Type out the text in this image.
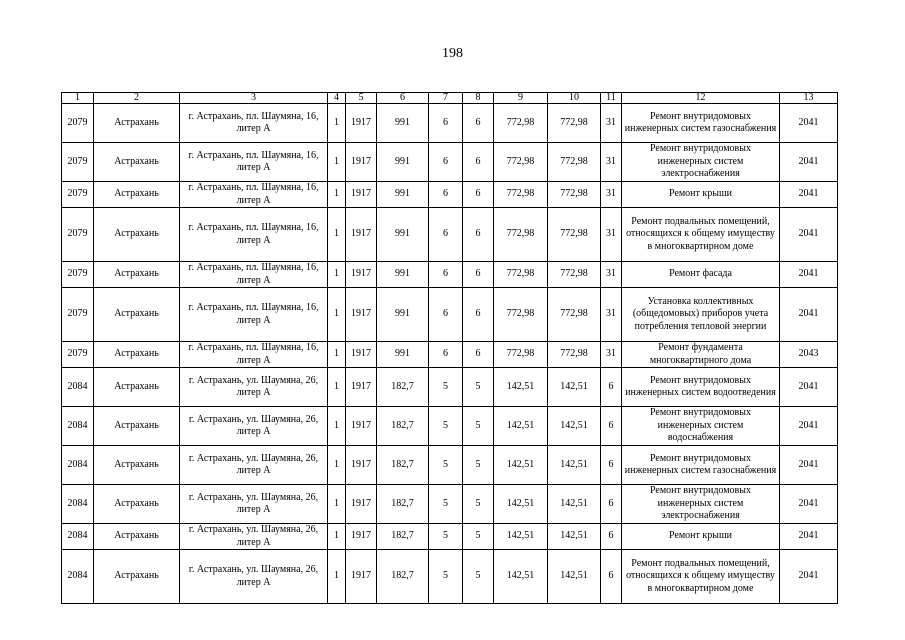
198
1	2	3	4	5	6	7	8	9	10	11	12	13
2079	Астрахань	г. Астрахань, пл. Шаумяна, 16, литер А	1	1917	991	6	6	772,98	772,98	31	Ремонт внутридомовых инженерных систем газоснабжения	2041
2079	Астрахань	г. Астрахань, пл. Шаумяна, 16, литер А	1	1917	991	6	6	772,98	772,98	31	Ремонт внутридомовых инженерных систем электроснабжения	2041
2079	Астрахань	г. Астрахань, пл. Шаумяна, 16, литер А	1	1917	991	6	6	772,98	772,98	31	Ремонт крыши	2041
2079	Астрахань	г. Астрахань, пл. Шаумяна, 16, литер А	1	1917	991	6	6	772,98	772,98	31	Ремонт подвальных помещений, относящихся к общему имуществу в многоквартирном доме	2041
2079	Астрахань	г. Астрахань, пл. Шаумяна, 16, литер А	1	1917	991	6	6	772,98	772,98	31	Ремонт фасада	2041
2079	Астрахань	г. Астрахань, пл. Шаумяна, 16, литер А	1	1917	991	6	6	772,98	772,98	31	Установка коллективных (общедомовых) приборов учета потребления тепловой энергии	2041
2079	Астрахань	г. Астрахань, пл. Шаумяна, 16, литер А	1	1917	991	6	6	772,98	772,98	31	Ремонт фундамента многоквартирного дома	2043
2084	Астрахань	г. Астрахань, ул. Шаумяна, 26, литер А	1	1917	182,7	5	5	142,51	142,51	6	Ремонт внутридомовых инженерных систем водоотведения	2041
2084	Астрахань	г. Астрахань, ул. Шаумяна, 26, литер А	1	1917	182,7	5	5	142,51	142,51	6	Ремонт внутридомовых инженерных систем водоснабжения	2041
2084	Астрахань	г. Астрахань, ул. Шаумяна, 26, литер А	1	1917	182,7	5	5	142,51	142,51	6	Ремонт внутридомовых инженерных систем газоснабжения	2041
2084	Астрахань	г. Астрахань, ул. Шаумяна, 26, литер А	1	1917	182,7	5	5	142,51	142,51	6	Ремонт внутридомовых инженерных систем электроснабжения	2041
2084	Астрахань	г. Астрахань, ул. Шаумяна, 26, литер А	1	1917	182,7	5	5	142,51	142,51	6	Ремонт крыши	2041
2084	Астрахань	г. Астрахань, ул. Шаумяна, 26, литер А	1	1917	182,7	5	5	142,51	142,51	6	Ремонт подвальных помещений, относящихся к общему имуществу в многоквартирном доме	2041
